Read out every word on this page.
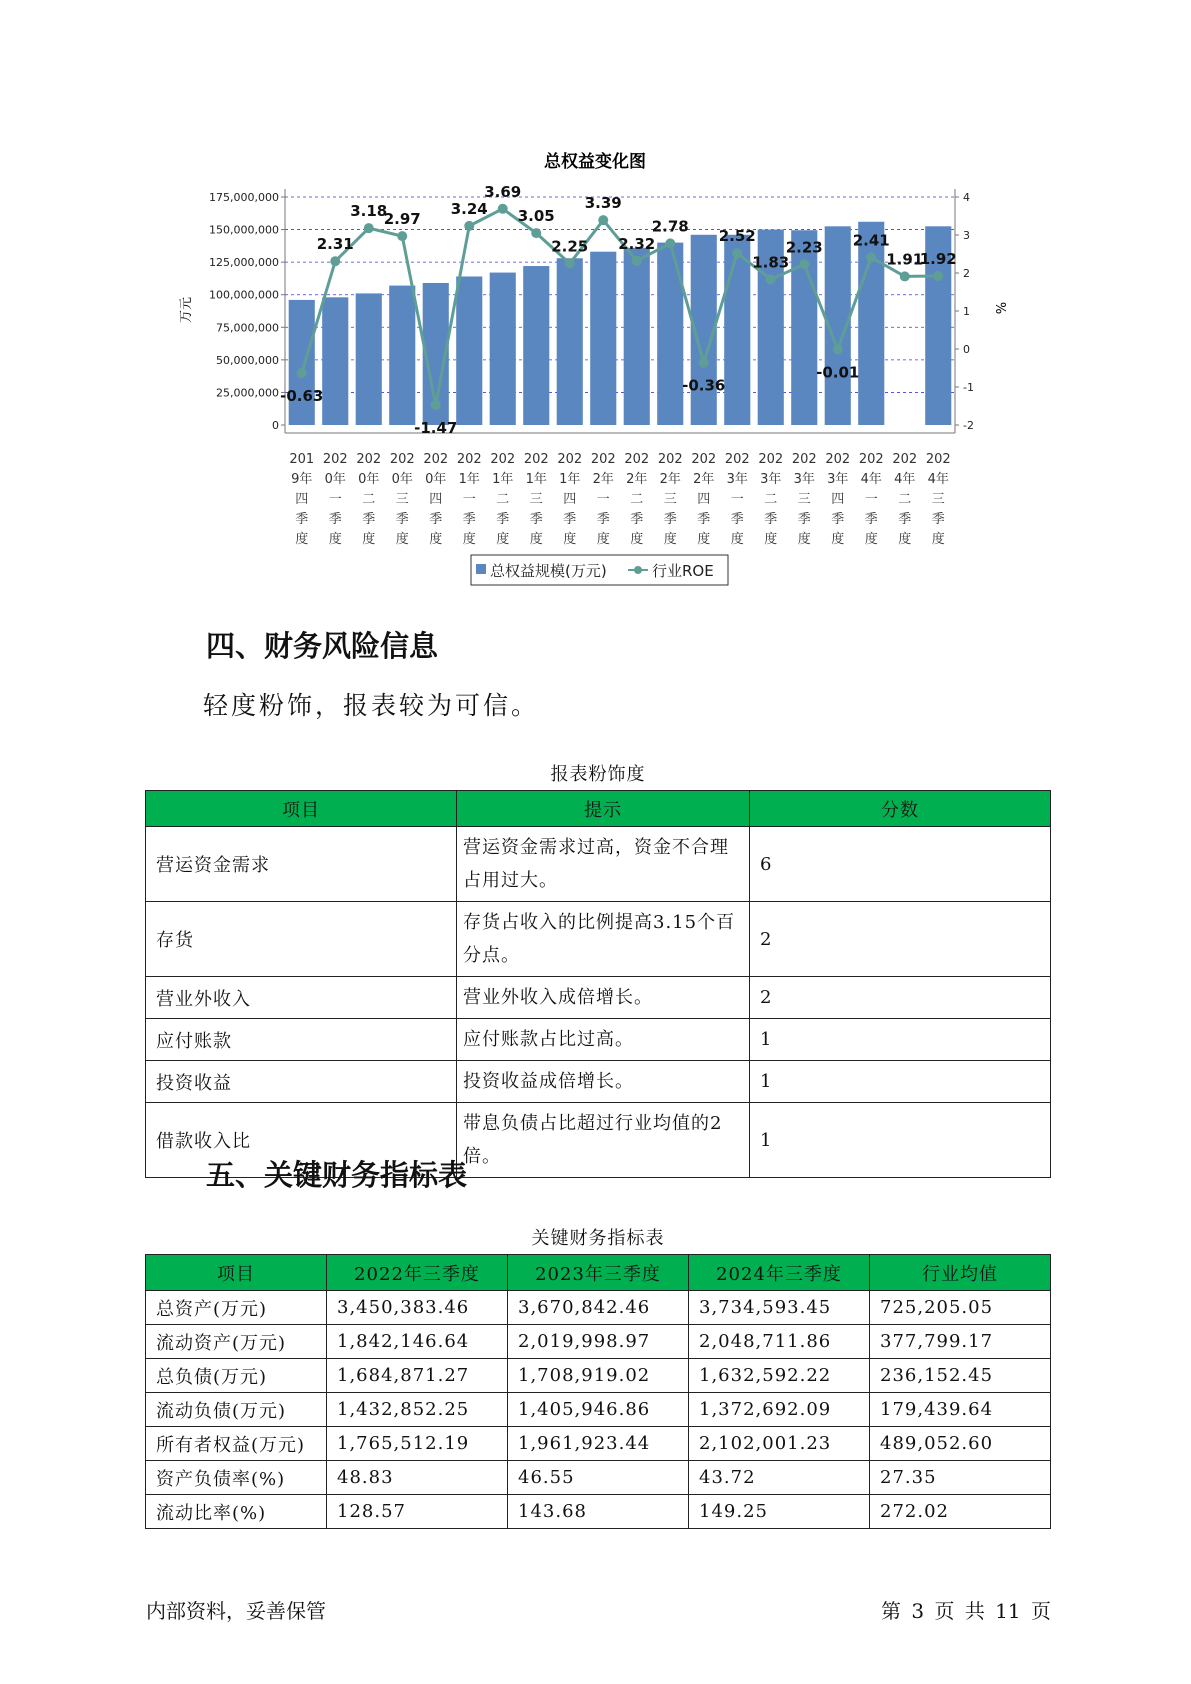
总权益变化图
万元	%
-0.63
2.31
3.18
2.97
-1.47
3.24
3.69
3.05
2.25
3.39
2.32
2.78
-0.36
2.52
1.83
2.23
-0.01
2.41
1.91
1.92
175,000,000
150,000,000
125,000,000
100,000,000
75,000,000
50,000,000
25,000,000
0
4
3
2
1
0
-1
-2
201
9年
四
季
度
202
0年
一
季
度
202
0年
二
季
度
202
0年
三
季
度
202
0年
四
季
度
202
1年
一
季
度
202
1年
二
季
度
202
1年
三
季
度
202
1年
四
季
度
202
2年
一
季
度
202
2年
二
季
度
202
2年
三
季
度
202
2年
四
季
度
202
3年
一
季
度
202
3年
二
季
度
202
3年
三
季
度
202
3年
四
季
度
202
4年
一
季
度
202
4年
二
季
度
202
4年
三
季
度
总权益规模(万元)	行业ROE
四、财务风险信息
轻度粉饰，报表较为可信。
报表粉饰度
项目	提示	分数
营运资金需求	营运资金需求过高，资金不合理占用过大。	6
存货	存货占收入的比例提高3.15个百分点。	2
营业外收入	营业外收入成倍增长。	2
应付账款	应付账款占比过高。	1
投资收益	投资收益成倍增长。	1
借款收入比	带息负债占比超过行业均值的2倍。	1
五、关键财务指标表
关键财务指标表
项目	2022年三季度	2023年三季度	2024年三季度	行业均值
总资产(万元)	3,450,383.46	3,670,842.46	3,734,593.45	725,205.05
流动资产(万元)	1,842,146.64	2,019,998.97	2,048,711.86	377,799.17
总负债(万元)	1,684,871.27	1,708,919.02	1,632,592.22	236,152.45
流动负债(万元)	1,432,852.25	1,405,946.86	1,372,692.09	179,439.64
所有者权益(万元)	1,765,512.19	1,961,923.44	2,102,001.23	489,052.60
资产负债率(%)	48.83	46.55	43.72	27.35
流动比率(%)	128.57	143.68	149.25	272.02
内部资料，妥善保管	第 3 页 共 11 页
